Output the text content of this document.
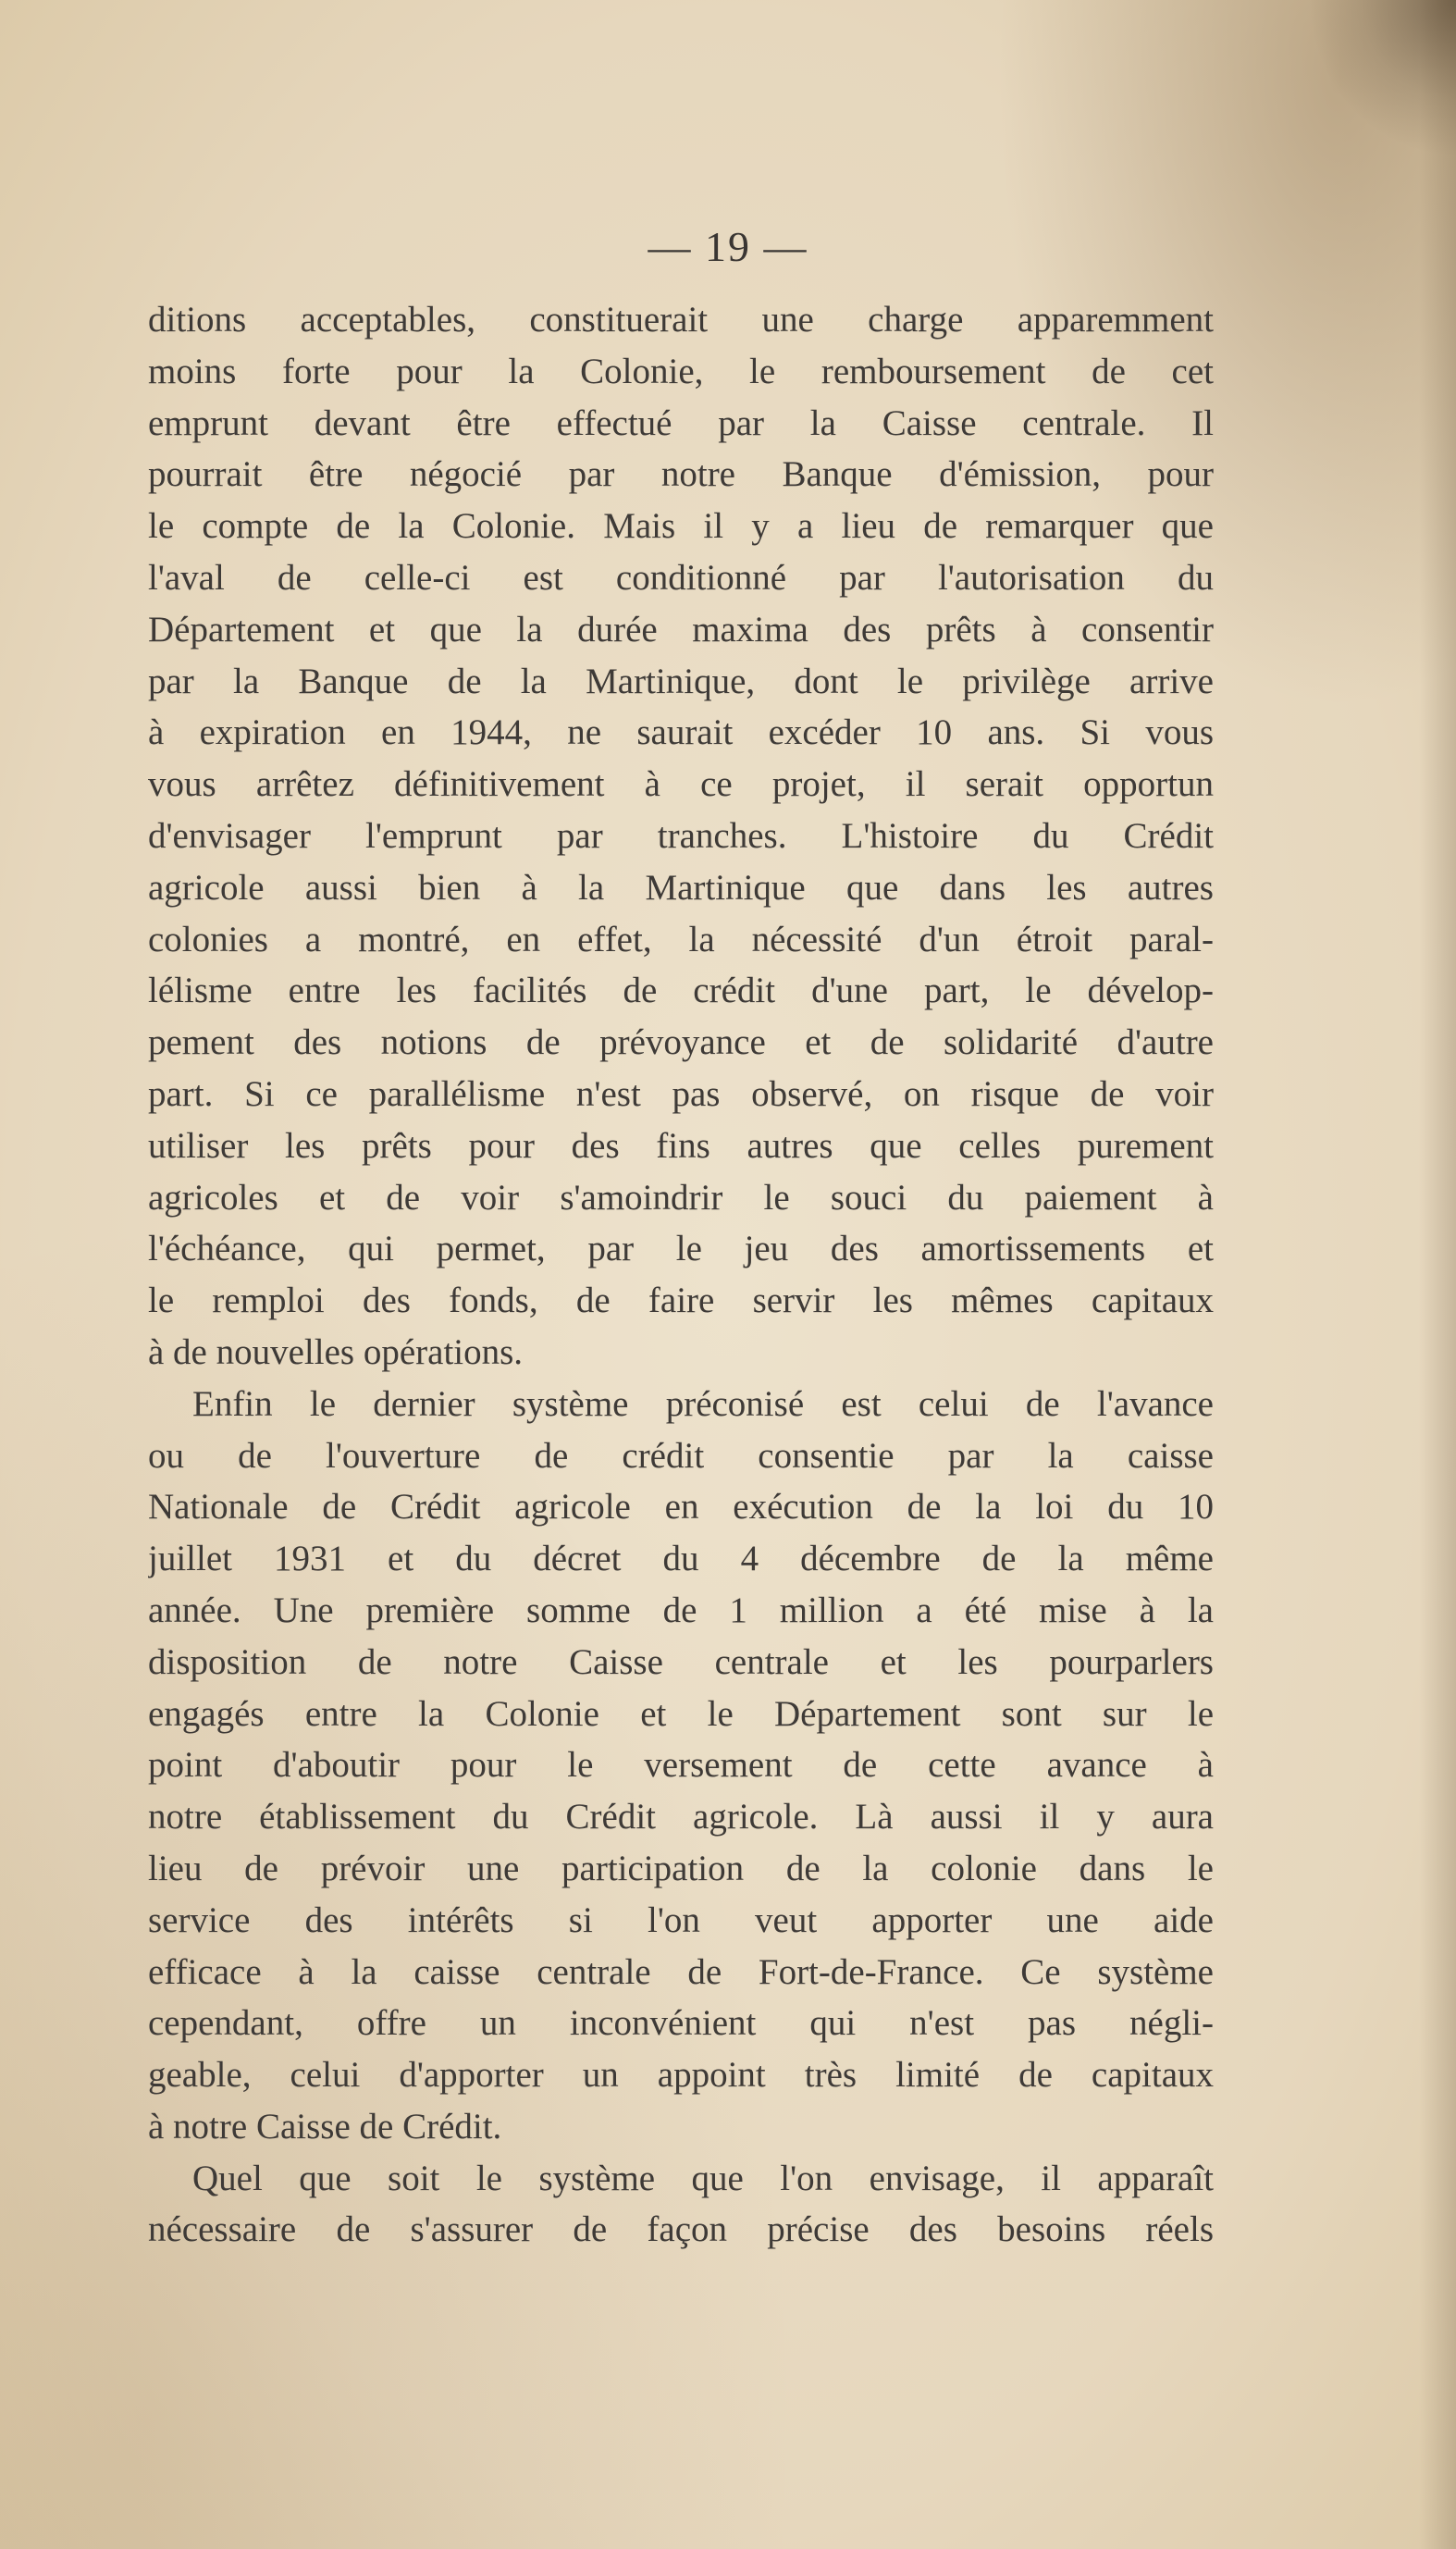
— 19 —
ditions acceptables, constituerait une charge apparemment
moins forte pour la Colonie, le remboursement de cet
emprunt devant être effectué par la Caisse centrale. Il
pourrait être négocié par notre Banque d'émission, pour
le compte de la Colonie. Mais il y a lieu de remarquer que
l'aval de celle-ci est conditionné par l'autorisation du
Département et que la durée maxima des prêts à consentir
par la Banque de la Martinique, dont le privilège arrive
à expiration en 1944, ne saurait excéder 10 ans. Si vous
vous arrêtez définitivement à ce projet, il serait opportun
d'envisager l'emprunt par tranches. L'histoire du Crédit
agricole aussi bien à la Martinique que dans les autres
colonies a montré, en effet, la nécessité d'un étroit paral-
lélisme entre les facilités de crédit d'une part, le dévelop-
pement des notions de prévoyance et de solidarité d'autre
part. Si ce parallélisme n'est pas observé, on risque de voir
utiliser les prêts pour des fins autres que celles purement
agricoles et de voir s'amoindrir le souci du paiement à
l'échéance, qui permet, par le jeu des amortissements et
le remploi des fonds, de faire servir les mêmes capitaux
à de nouvelles opérations.
Enfin le dernier système préconisé est celui de l'avance
ou de l'ouverture de crédit consentie par la caisse
Nationale de Crédit agricole en exécution de la loi du 10
juillet 1931 et du décret du 4 décembre de la même
année. Une première somme de 1 million a été mise à la
disposition de notre Caisse centrale et les pourparlers
engagés entre la Colonie et le Département sont sur le
point d'aboutir pour le versement de cette avance à
notre établissement du Crédit agricole. Là aussi il y aura
lieu de prévoir une participation de la colonie dans le
service des intérêts si l'on veut apporter une aide
efficace à la caisse centrale de Fort-de-France. Ce système
cependant, offre un inconvénient qui n'est pas négli-
geable, celui d'apporter un appoint très limité de capitaux
à notre Caisse de Crédit.
Quel que soit le système que l'on envisage, il apparaît
nécessaire de s'assurer de façon précise des besoins réels
